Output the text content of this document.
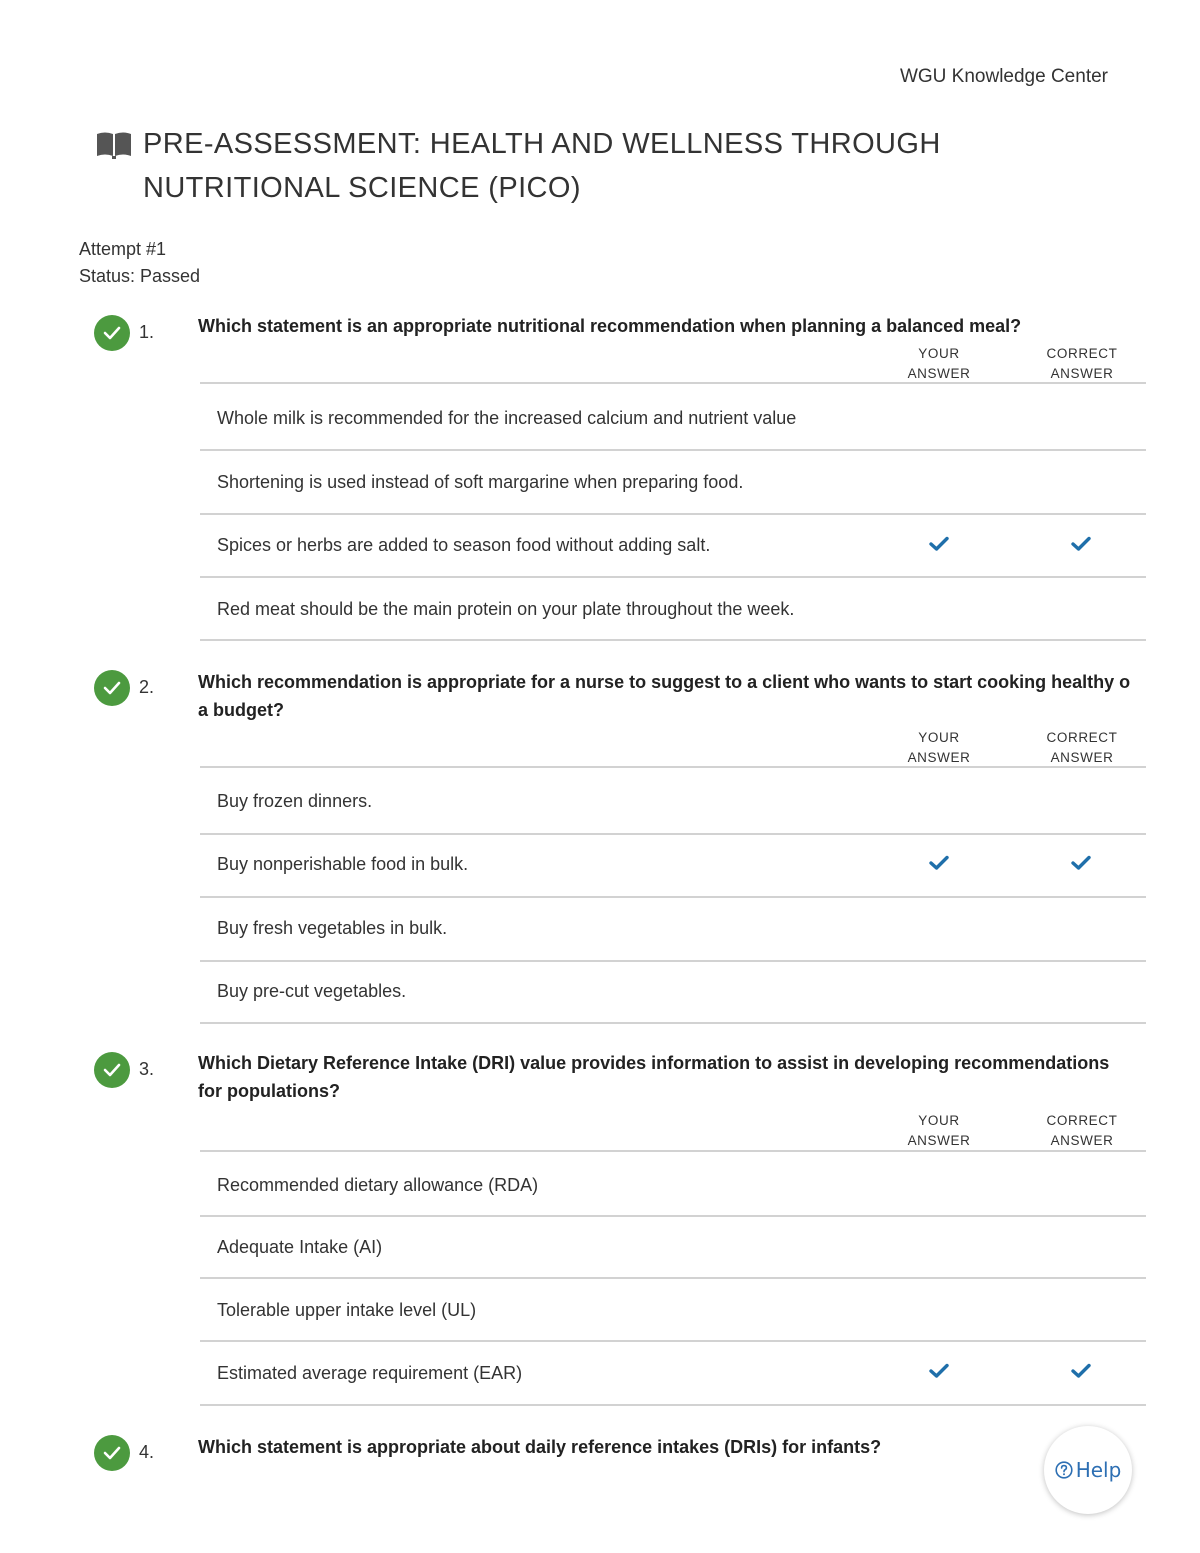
WGU Knowledge Center
PRE-ASSESSMENT: HEALTH AND WELLNESS THROUGH
NUTRITIONAL SCIENCE (PICO)
Attempt #1
Status: Passed
1. Which statement is an appropriate nutritional recommendation when planning a balanced meal?

YOUR
ANSWER
CORRECT
ANSWER
Whole milk is recommended for the increased calcium and nutrient value
Shortening is used instead of soft margarine when preparing food.
Spices or herbs are added to season food without adding salt.
Red meat should be the main protein on your plate throughout the week.
2. Which recommendation is appropriate for a nurse to suggest to a client who wants to start cooking healthy o

a budget?

YOUR
ANSWER
CORRECT
ANSWER
Buy frozen dinners.
Buy nonperishable food in bulk.
Buy fresh vegetables in bulk.
Buy pre-cut vegetables.
3. Which Dietary Reference Intake (DRI) value provides information to assist in developing recommendations

for populations?

YOUR
ANSWER
CORRECT
ANSWER
Recommended dietary allowance (RDA)
Adequate Intake (AI)
Tolerable upper intake level (UL)
Estimated average requirement (EAR)
4. Which statement is appropriate about daily reference intakes (DRIs) for infants?

Help
